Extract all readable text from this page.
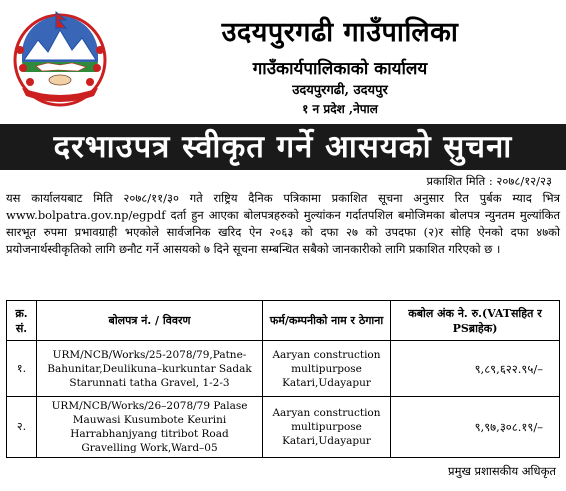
उदयपुरगढी गाउँपालिका
गाउँकार्यपालिकाको कार्यालय
उदयपुरगढी, उदयपुर
१ न प्रदेश ,नेपाल
दरभाउपत्र स्वीकृत गर्ने आसयको सुचना
प्रकाशित मिति : २०७८/१२/२३
यस कार्यालयबाट मिति २०७८/११/३० गते राष्ट्रिय दैनिक पत्रिकामा प्रकाशित सूचना अनुसार रित पुर्बक म्याद भित्र www.bolpatra.gov.np/egpdf दर्ता हुन आएका बोलपत्रहरुको मुल्यांकन गर्दातपशिल बमोजिमका बोलपत्र न्युनतम मुल्यांकित सारभूत रुपमा प्रभावग्राही भएकोले सार्वजनिक खरिद ऐन २०६३ को दफा २७ को उपदफा (२)र सोहि ऐनको दफा ४७को प्रयोजनार्थस्वीकृतिको लागि छनौट गर्ने आसयको ७ दिने सूचना सम्बन्धित सबैको जानकारीको लागि प्रकाशित गरिएको छ ।
क्र. सं.	बोलपत्र नं. / विवरण	फर्म/कम्पनीको नाम र ठेगाना	कबोल अंक ने. रु.(VATसहित र PSब्राहेक)
१.	URM/NCB/Works/25-2078/79,Patne-Bahunitar,Deulikuna–kurkuntar Sadak Starunnati tatha Gravel, 1-2-3	Aaryan construction multipurpose Katari,Udayapur	९,८९,६२२.९५/–
२.	URM/NCB/Works/26–2078/79 Palase Mauwasi Kusumbote Keurini Harrabhanjyang titribot Road Gravelling Work,Ward–05	Aaryan construction multipurpose Katari,Udayapur	९,९७,३०८.१९/–
प्रमुख प्रशासकीय अधिकृत
